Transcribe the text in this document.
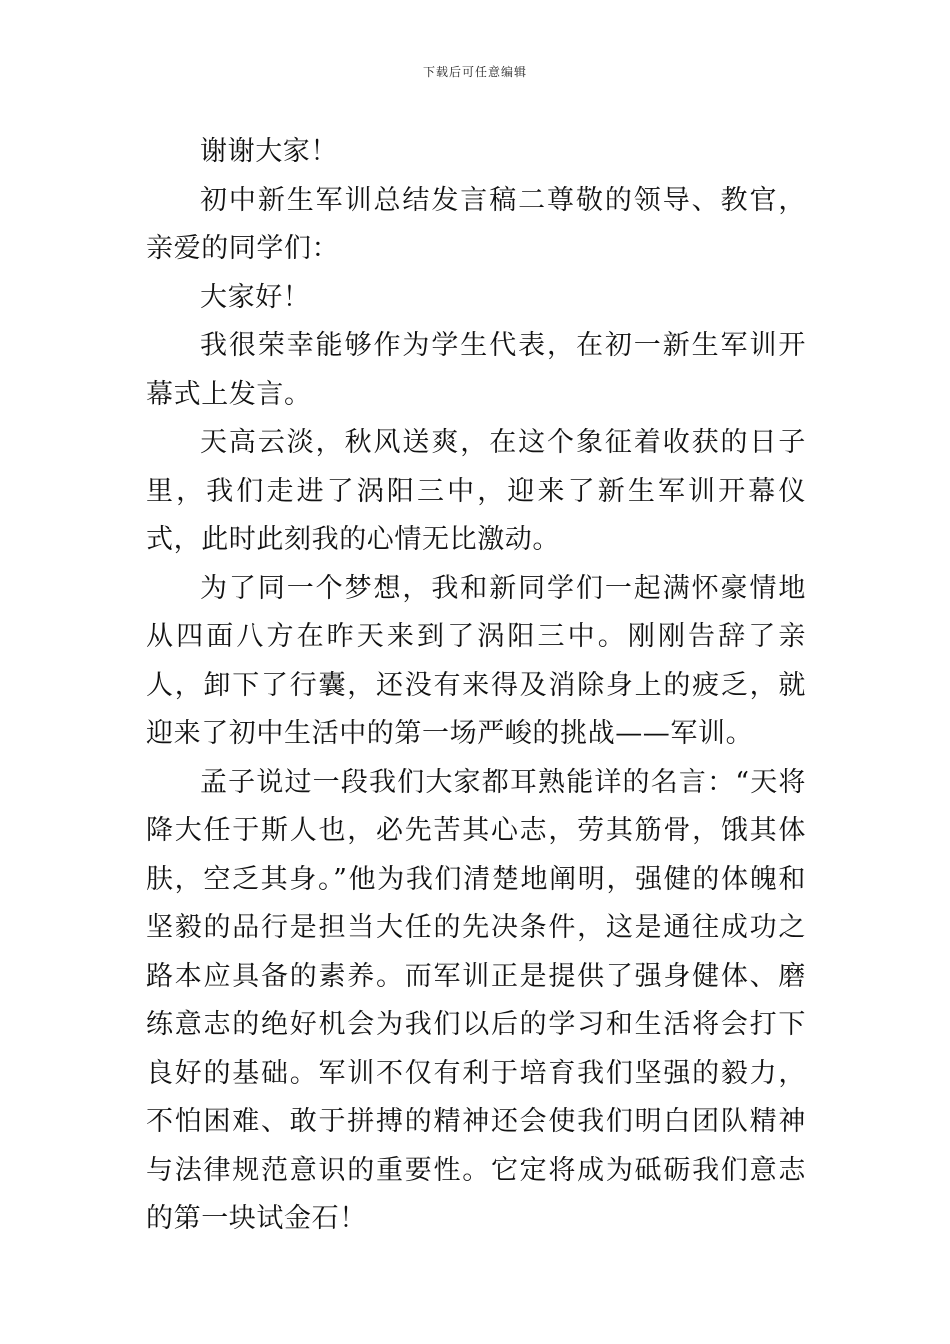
下载后可任意编辑

谢谢大家！

初中新生军训总结发言稿二尊敬的领导、教官，亲爱的同学们：

大家好！

我很荣幸能够作为学生代表，在初一新生军训开幕式上发言。

天高云淡，秋风送爽，在这个象征着收获的日子里，我们走进了涡阳三中，迎来了新生军训开幕仪式，此时此刻我的心情无比激动。

为了同一个梦想，我和新同学们一起满怀豪情地从四面八方在昨天来到了涡阳三中。刚刚告辞了亲人，卸下了行囊，还没有来得及消除身上的疲乏，就迎来了初中生活中的第一场严峻的挑战——军训。

孟子说过一段我们大家都耳熟能详的名言：“天将降大任于斯人也，必先苦其心志，劳其筋骨，饿其体肤，空乏其身。”他为我们清楚地阐明，强健的体魄和坚毅的品行是担当大任的先决条件，这是通往成功之路本应具备的素养。而军训正是提供了强身健体、磨练意志的绝好机会为我们以后的学习和生活将会打下良好的基础。军训不仅有利于培育我们坚强的毅力，不怕困难、敢于拼搏的精神还会使我们明白团队精神与法律规范意识的重要性。它定将成为砥砺我们意志的第一块试金石！
